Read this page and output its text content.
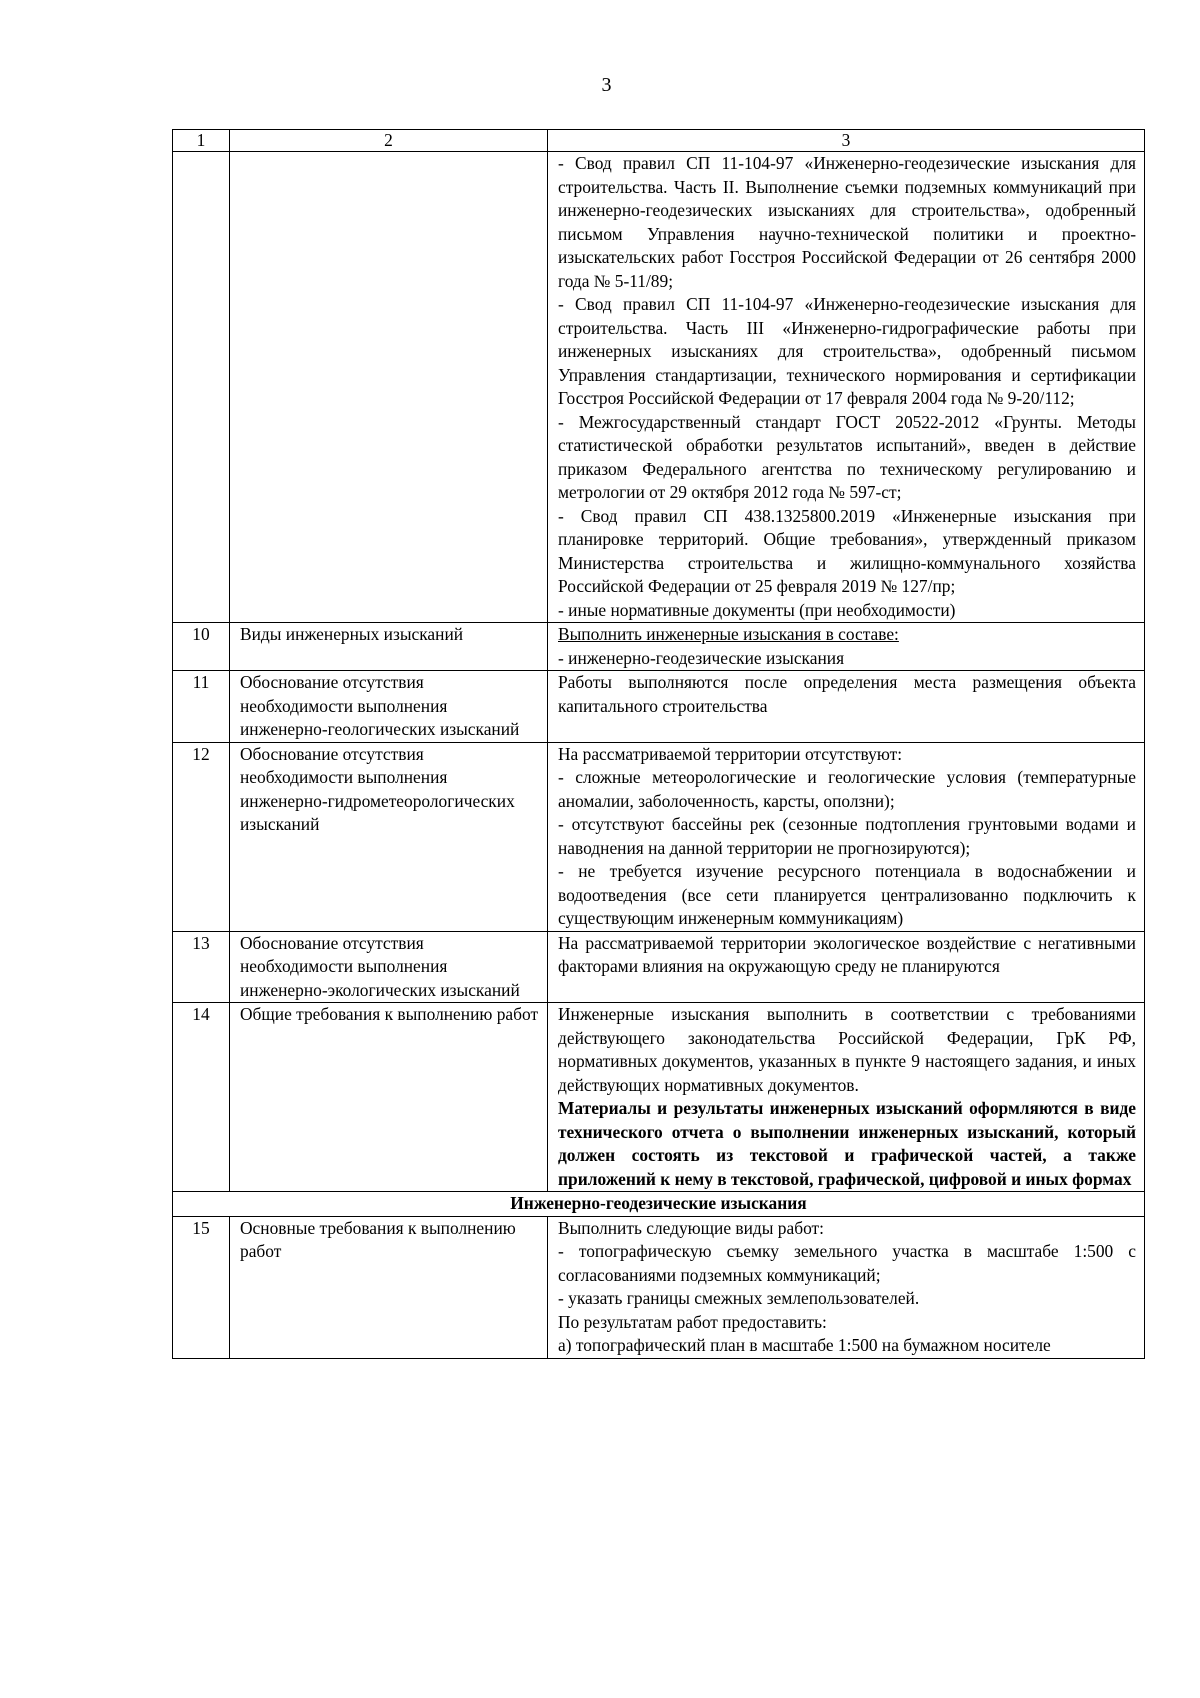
3
1	2	3

		- Свод правил СП 11-104-97 «Инженерно-геодезические изыскания для строительства. Часть II. Выполнение съемки подземных коммуникаций при инженерно-геодезических изысканиях для строительства», одобренный письмом Управления научно-технической политики и проектно-изыскательских работ Госстроя Российской Федерации от 26 сентября 2000 года № 5-11/89;

- Свод правил СП 11-104-97 «Инженерно-геодезические изыскания для строительства. Часть III «Инженерно-гидрографические работы при инженерных изысканиях для строительства», одобренный письмом Управления стандартизации, технического нормирования и сертификации Госстроя Российской Федерации от 17 февраля 2004 года № 9-20/112;

- Межгосударственный стандарт ГОСТ 20522-2012 «Грунты. Методы статистической обработки результатов испытаний», введен в действие приказом Федерального агентства по техническому регулированию и метрологии от 29 октября 2012 года № 597-ст;

- Свод правил СП 438.1325800.2019 «Инженерные изыскания при планировке территорий. Общие требования», утвержденный приказом Министерства строительства и жилищно-коммунального хозяйства Российской Федерации от 25 февраля 2019 № 127/пр;

- иные нормативные документы (при необходимости)

10	Виды инженерных изысканий	Выполнить инженерные изыскания в составе:

- инженерно-геодезические изыскания

11	Обоснование отсутствия необходимости выполнения инженерно-геологических изысканий	Работы выполняются после определения места размещения объекта капитального строительства

12	Обоснование отсутствия необходимости выполнения инженерно-гидрометеорологических изысканий	На рассматриваемой территории отсутствуют:

- сложные метеорологические и геологические условия (температурные аномалии, заболоченность, карсты, оползни);

- отсутствуют бассейны рек (сезонные подтопления грунтовыми водами и наводнения на данной территории не прогнозируются);

- не требуется изучение ресурсного потенциала в водоснабжении и водоотведения (все сети планируется централизованно подключить к существующим инженерным коммуникациям)

13	Обоснование отсутствия необходимости выполнения инженерно-экологических изысканий	На рассматриваемой территории экологическое воздействие с негативными факторами влияния на окружающую среду не планируются

14	Общие требования к выполнению работ	Инженерные изыскания выполнить в соответствии с требованиями действующего законодательства Российской Федерации, ГрК РФ, нормативных документов, указанных в пункте 9 настоящего задания, и иных действующих нормативных документов.

Материалы и результаты инженерных изысканий оформляются в виде технического отчета о выполнении инженерных изысканий, который должен состоять из текстовой и графической частей, а также приложений к нему в текстовой, графической, цифровой и иных формах

Инженерно-геодезические изыскания		
15	Основные требования к выполнению работ	Выполнить следующие виды работ:

- топографическую съемку земельного участка в масштабе 1:500 с согласованиями подземных коммуникаций;

- указать границы смежных землепользователей.

По результатам работ предоставить:

а) топографический план в масштабе 1:500 на бумажном носителе
